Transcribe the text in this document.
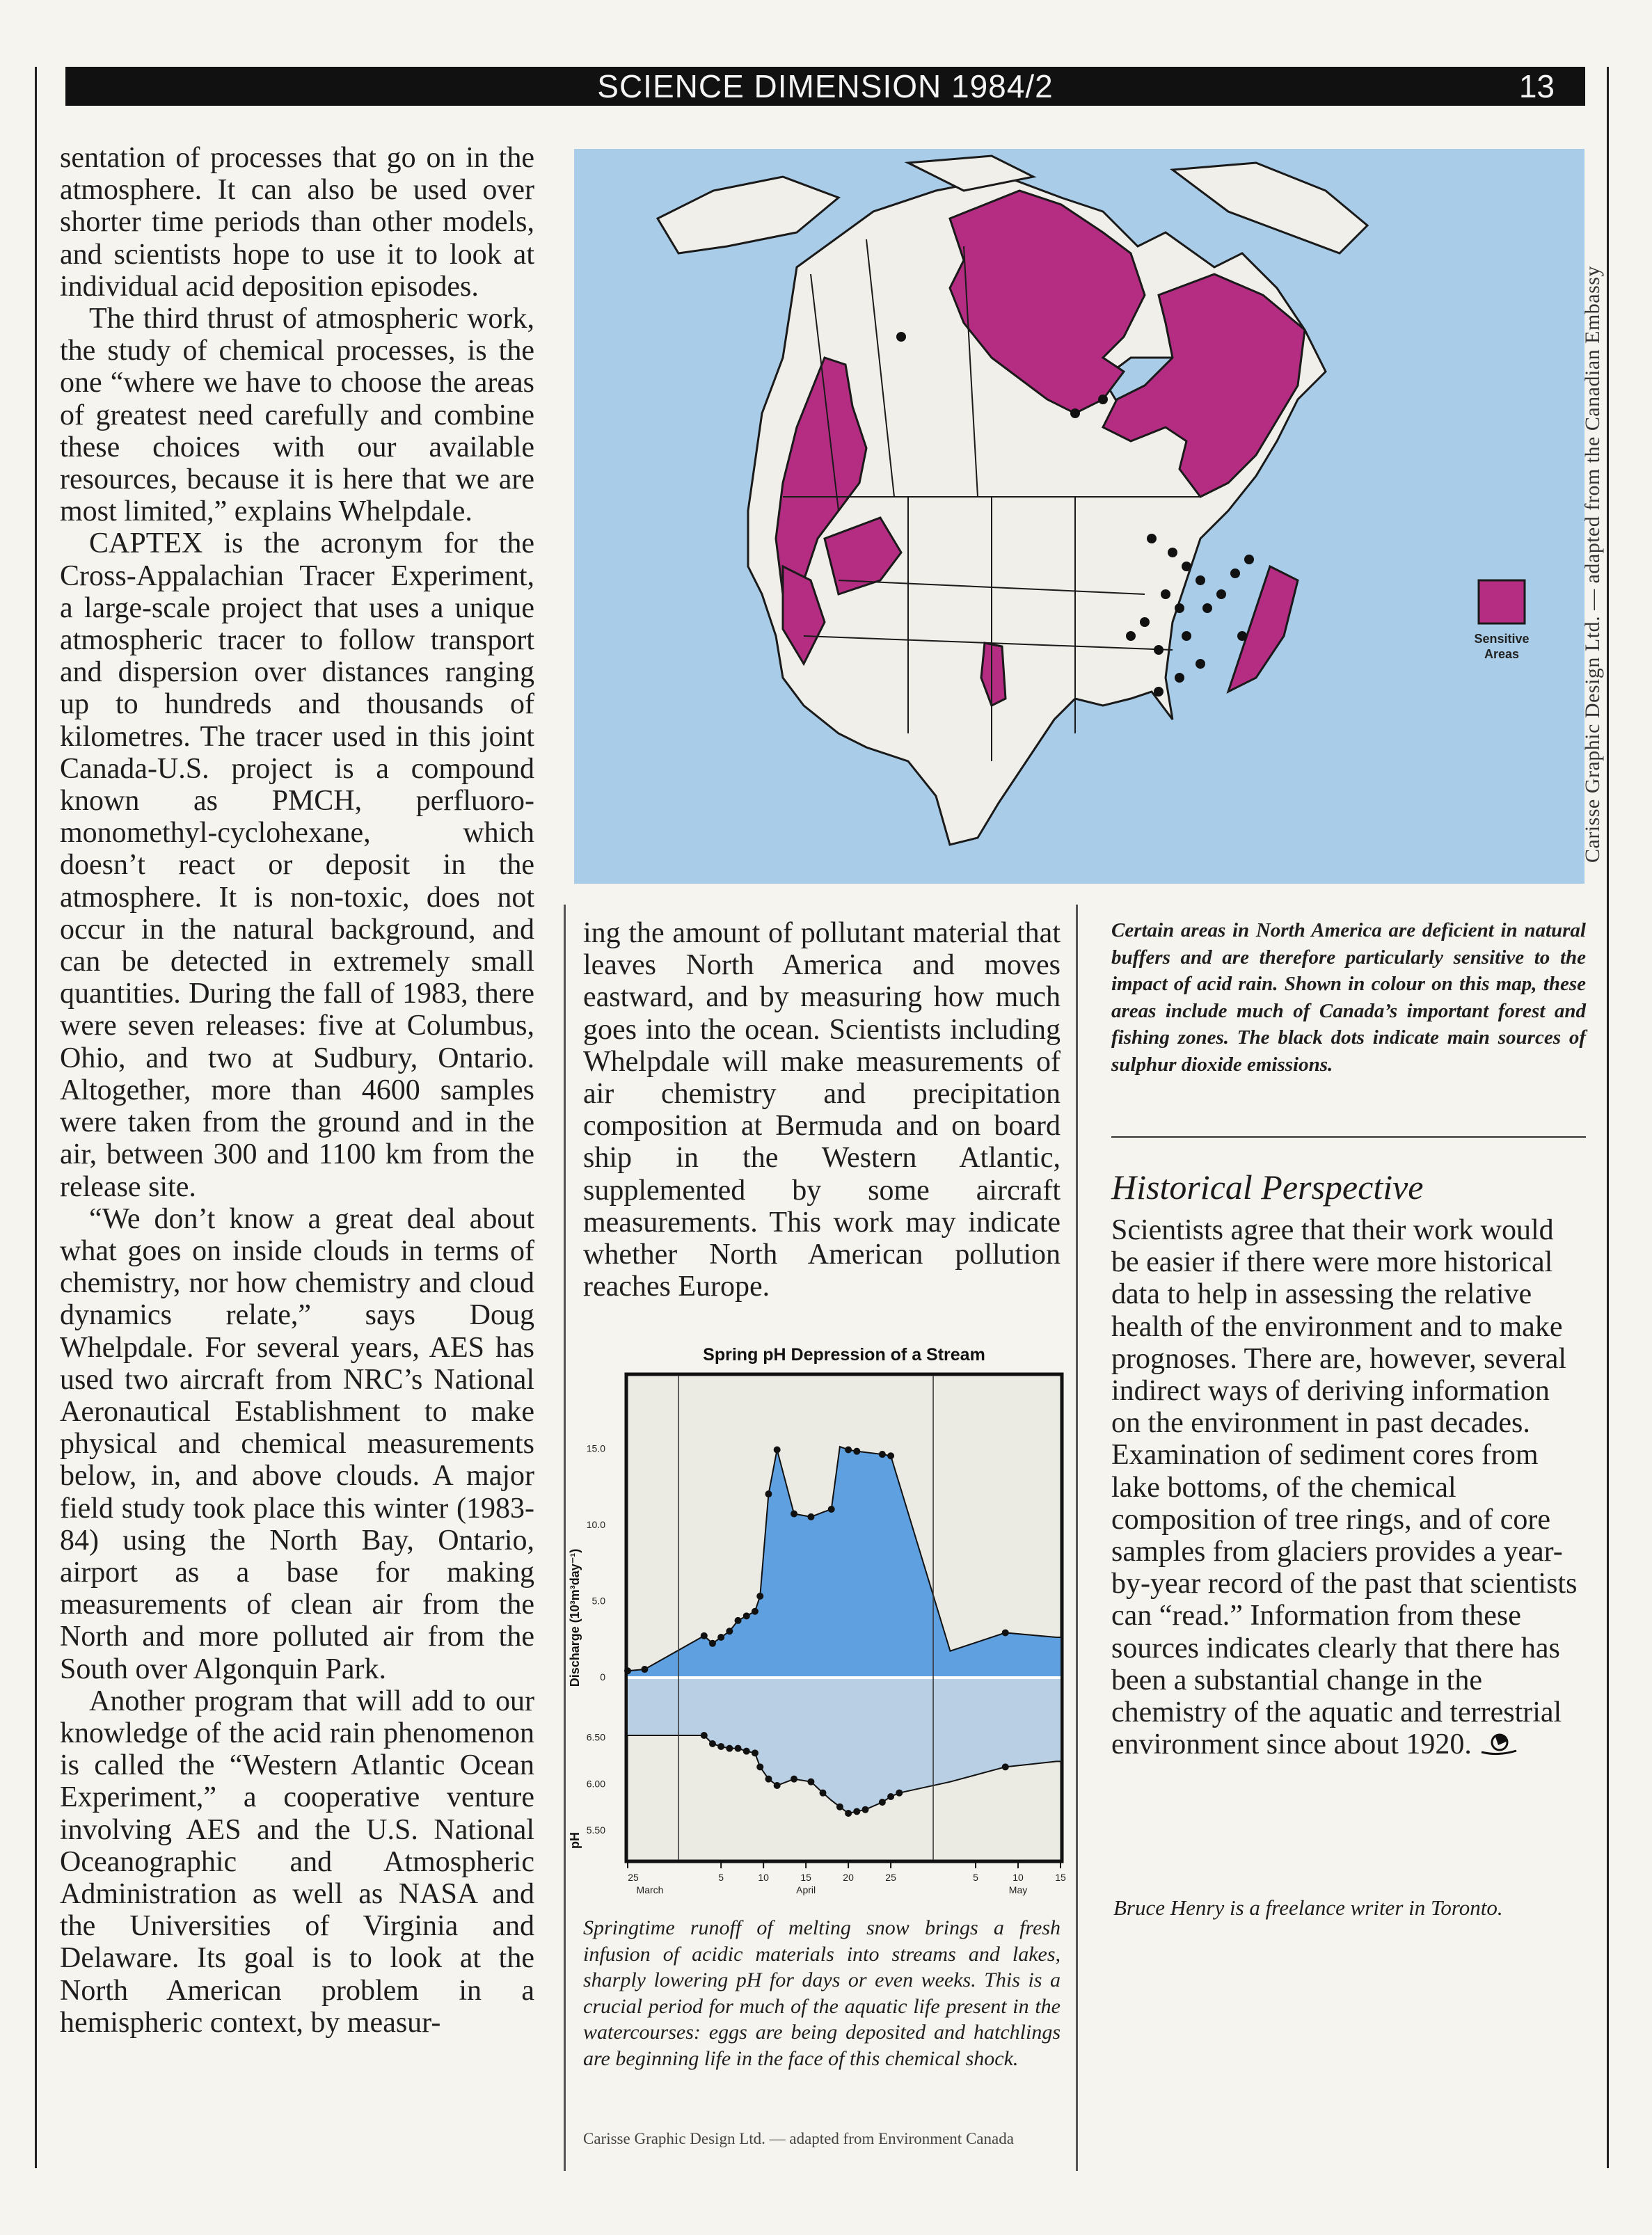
SCIENCE DIMENSION 1984/2	13

sentation of processes that go on in the atmosphere. It can also be used over shorter time periods than other models, and scientists hope to use it to look at individual acid deposition episodes.

The third thrust of atmospheric work, the study of chemical processes, is the one “where we have to choose the areas of greatest need carefully and combine these choices with our available resources, because it is here that we are most limited,” explains Whelpdale.

CAPTEX is the acronym for the Cross-Appalachian Tracer Experiment, a large-scale project that uses a unique atmospheric tracer to follow transport and dispersion over distances ranging up to hundreds and thousands of kilometres. The tracer used in this joint Canada-U.S. project is a compound known as PMCH, perfluoro-monomethyl-cyclohexane, which doesn’t react or deposit in the atmosphere. It is non-toxic, does not occur in the natural background, and can be detected in extremely small quantities. During the fall of 1983, there were seven releases: five at Columbus, Ohio, and two at Sudbury, Ontario. Altogether, more than 4600 samples were taken from the ground and in the air, between 300 and 1100 km from the release site.

“We don’t know a great deal about what goes on inside clouds in terms of chemistry, nor how chemistry and cloud dynamics relate,” says Doug Whelpdale. For several years, AES has used two aircraft from NRC’s National Aeronautical Establishment to make physical and chemical measurements below, in, and above clouds. A major field study took place this winter (1983-84) using the North Bay, Ontario, airport as a base for making measurements of clean air from the North and more polluted air from the South over Algonquin Park.

Another program that will add to our knowledge of the acid rain phenomenon is called the “Western Atlantic Ocean Experiment,” a cooperative venture involving AES and the U.S. National Oceanographic and Atmospheric Administration as well as NASA and the Universities of Virginia and Delaware. Its goal is to look at the North American problem in a hemispheric context, by measur-

Sensitive
Areas	Carisse Graphic Design Ltd. — adapted from the Canadian Embassy

ing the amount of pollutant material that leaves North America and moves eastward, and by measuring how much goes into the ocean. Scientists including Whelpdale will make measurements of air chemistry and precipitation composition at Bermuda and on board ship in the Western Atlantic, supplemented by some aircraft measurements. This work may indicate whether North American pollution reaches Europe.

Certain areas in North America are deficient in natural buffers and are therefore particularly sensitive to the impact of acid rain. Shown in colour on this map, these areas include much of Canada’s important forest and fishing zones. The black dots indicate main sources of sulphur dioxide emissions.
Historical Perspective

Scientists agree that their work would be easier if there were more historical data to help in assessing the relative health of the environment and to make prognoses. There are, however, several indirect ways of deriving information on the environment in past decades. Examination of sediment cores from lake bottoms, of the chemical composition of tree rings, and of core samples from glaciers provides a year-by-year record of the past that scientists can “read.” Information from these sources indicates clearly that there has been a substantial change in the chemistry of the aquatic and terrestrial environment since about 1920. 

Bruce Henry is a freelance writer in Toronto.
Spring pH Depression of a Stream
15.0
10.0
5.0
0
6.50
6.00
5.50
25	5	10	15	20	25	5	10	15
March	April	May
Discharge (10³m³day⁻¹)
pH
Springtime runoff of melting snow brings a fresh infusion of acidic materials into streams and lakes, sharply lowering pH for days or even weeks. This is a crucial period for much of the aquatic life present in the watercourses: eggs are being deposited and hatchlings are beginning life in the face of this chemical shock.
Carisse Graphic Design Ltd. — adapted from Environment Canada
